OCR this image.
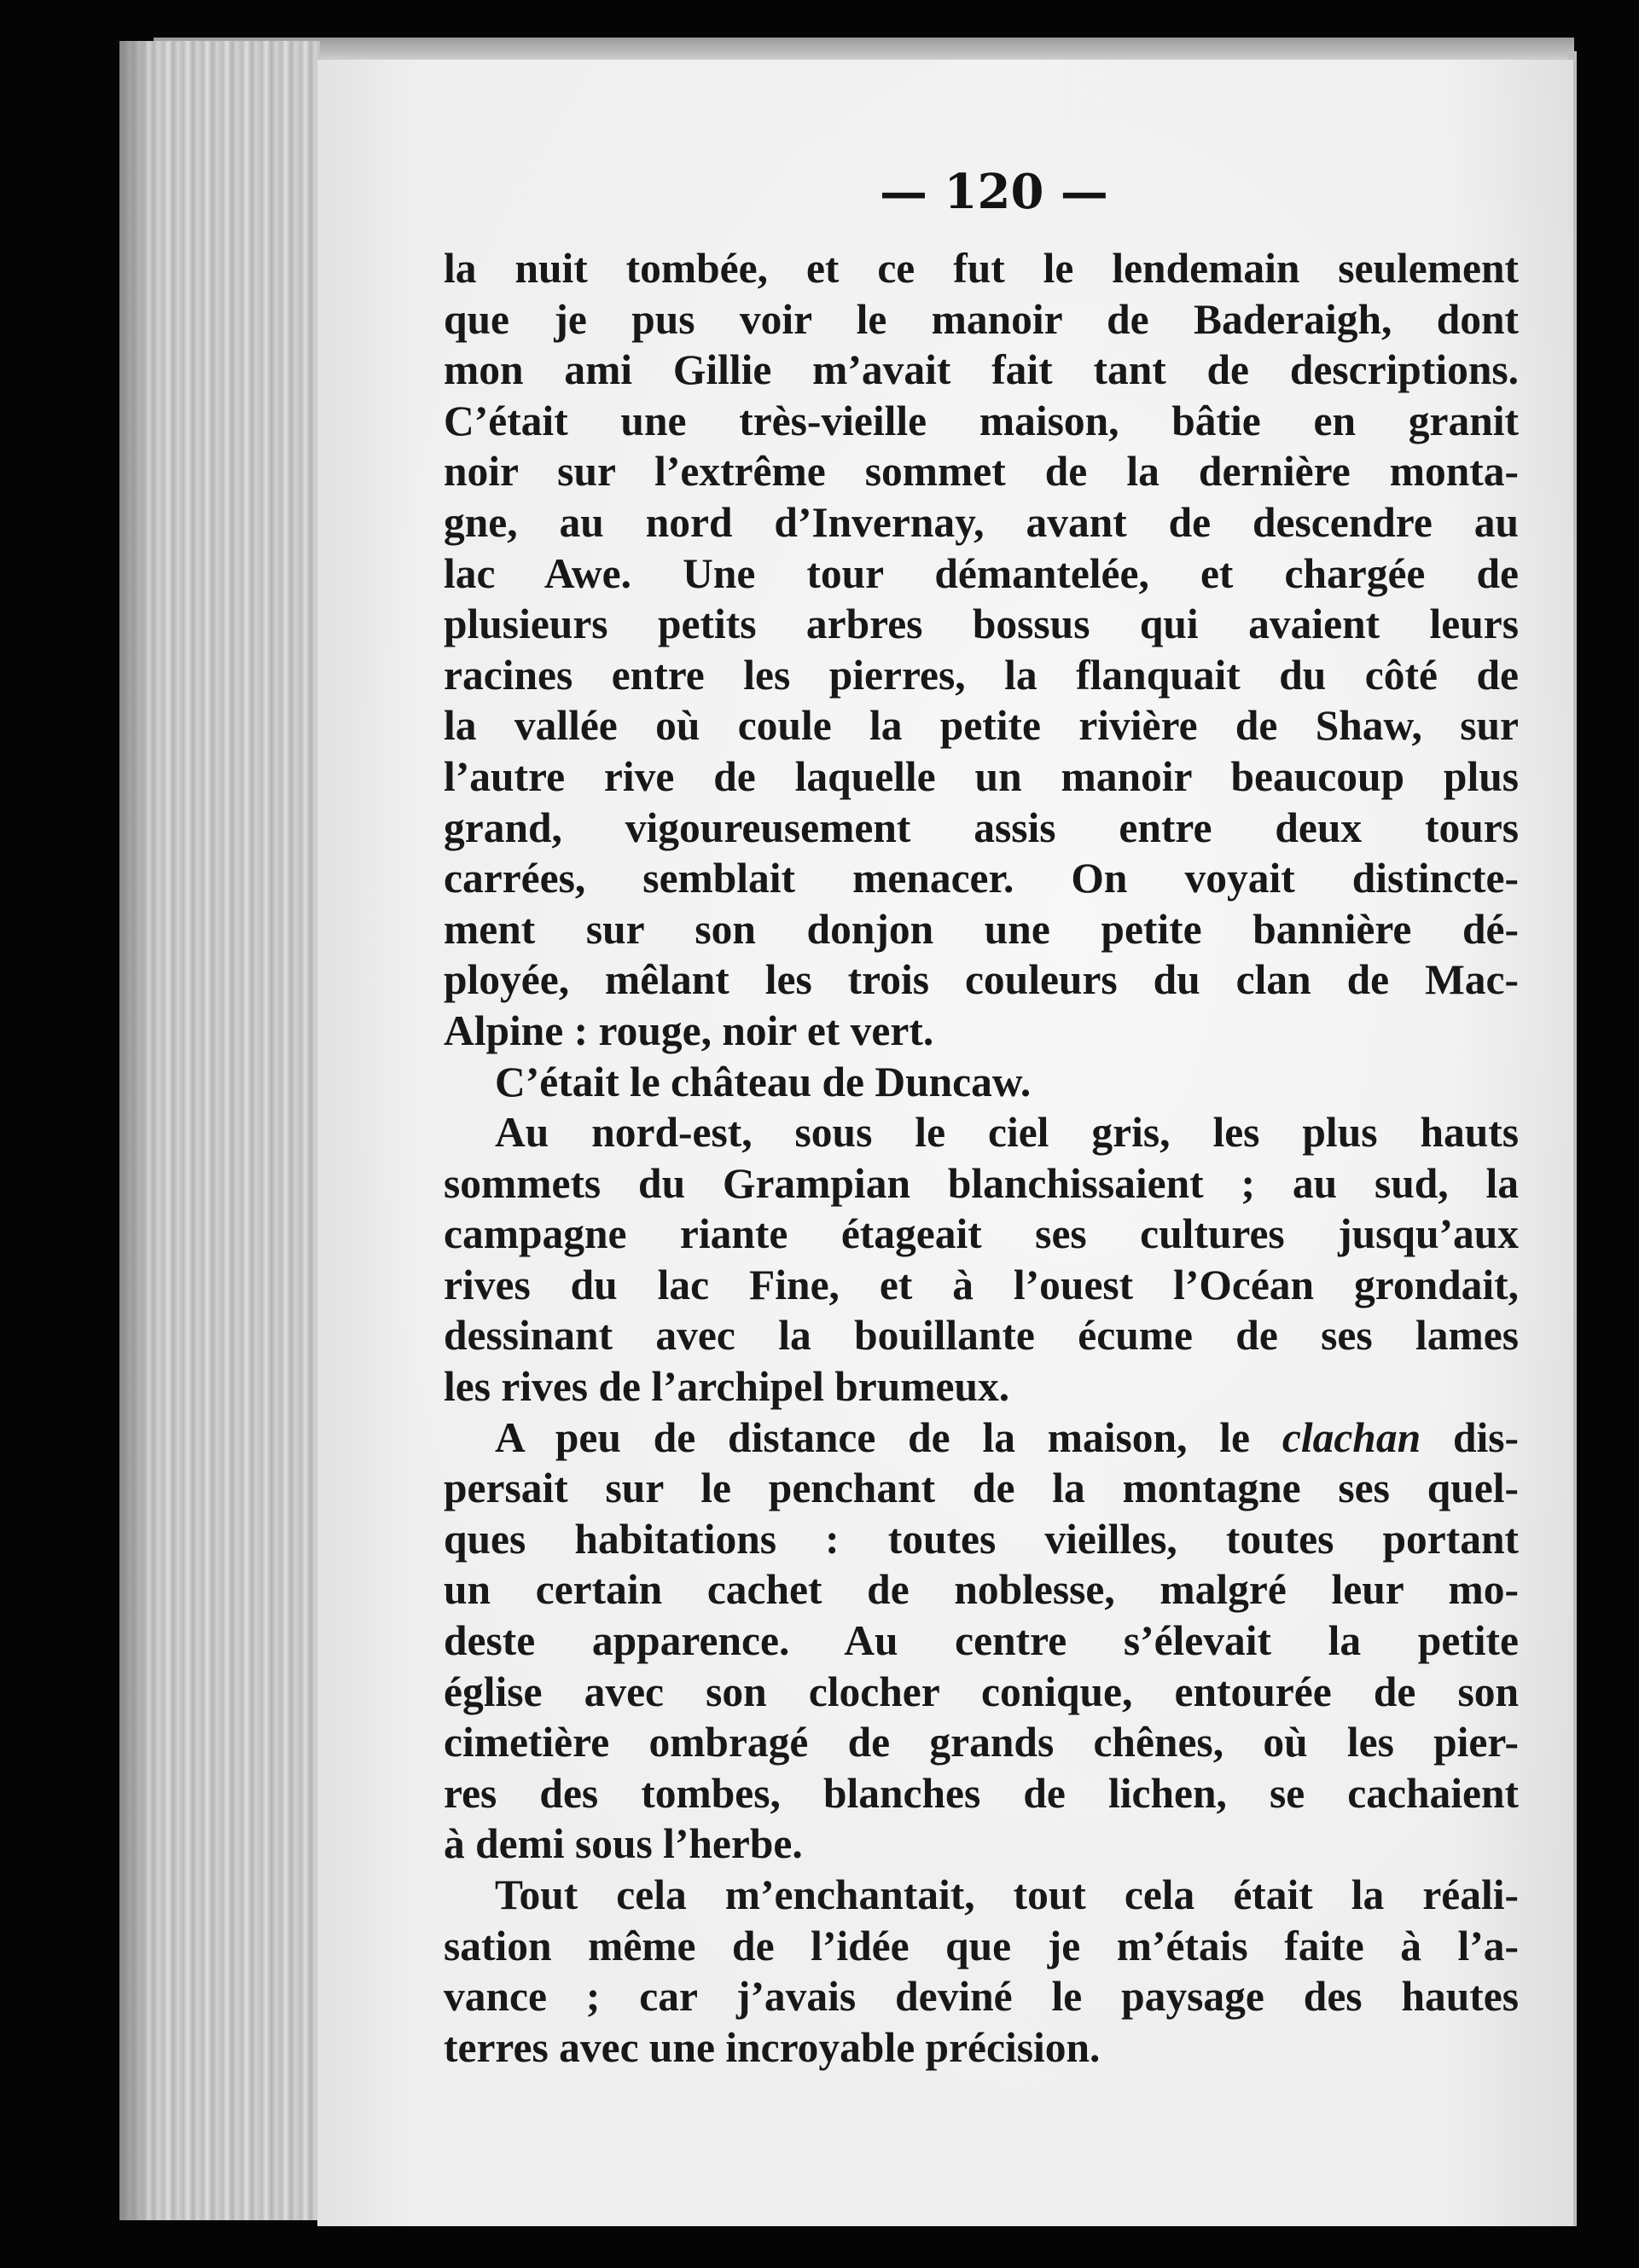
— 120 —
la nuit tombée, et ce fut le lendemain seulement
que je pus voir le manoir de Baderaigh, dont
mon ami Gillie m’avait fait tant de descriptions.
C’était une très-vieille maison, bâtie en granit
noir sur l’extrême sommet de la dernière monta-
gne, au nord d’Invernay, avant de descendre au
lac Awe. Une tour démantelée, et chargée de
plusieurs petits arbres bossus qui avaient leurs
racines entre les pierres, la flanquait du côté de
la vallée où coule la petite rivière de Shaw, sur
l’autre rive de laquelle un manoir beaucoup plus
grand, vigoureusement assis entre deux tours
carrées, semblait menacer. On voyait distincte-
ment sur son donjon une petite bannière dé-
ployée, mêlant les trois couleurs du clan de Mac-
Alpine : rouge, noir et vert.
C’était le château de Duncaw.
Au nord-est, sous le ciel gris, les plus hauts
sommets du Grampian blanchissaient ; au sud, la
campagne riante étageait ses cultures jusqu’aux
rives du lac Fine, et à l’ouest l’Océan grondait,
dessinant avec la bouillante écume de ses lames
les rives de l’archipel brumeux.
A peu de distance de la maison, le clachan dis-
persait sur le penchant de la montagne ses quel-
ques habitations : toutes vieilles, toutes portant
un certain cachet de noblesse, malgré leur mo-
deste apparence. Au centre s’élevait la petite
église avec son clocher conique, entourée de son
cimetière ombragé de grands chênes, où les pier-
res des tombes, blanches de lichen, se cachaient
à demi sous l’herbe.
Tout cela m’enchantait, tout cela était la réali-
sation même de l’idée que je m’étais faite à l’a-
vance ; car j’avais deviné le paysage des hautes
terres avec une incroyable précision.
